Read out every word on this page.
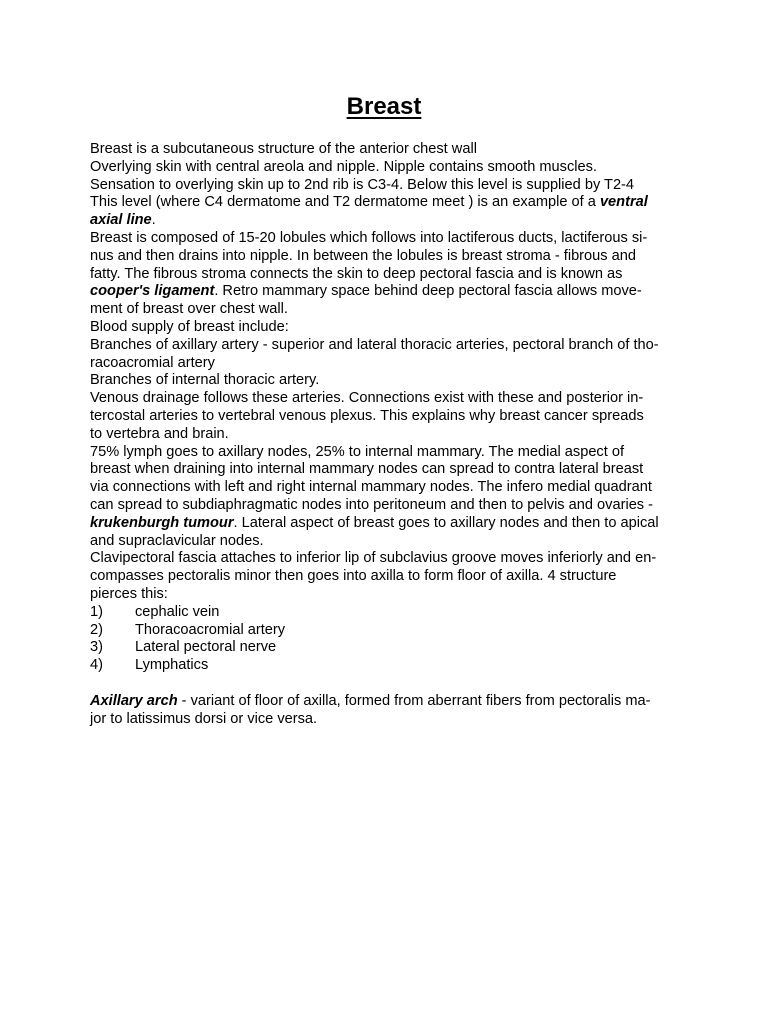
Breast
Breast is a subcutaneous structure of the anterior chest wall
Overlying skin with central areola and nipple. Nipple contains smooth muscles.
Sensation to overlying skin up to 2nd rib is C3-4. Below this level is supplied by T2-4
This level (where C4 dermatome and T2 dermatome meet ) is an example of a ventral
axial line.
Breast is composed of 15-20 lobules which follows into lactiferous ducts, lactiferous si-
nus and then drains into nipple. In between the lobules is breast stroma - fibrous and
fatty. The fibrous stroma connects the skin to deep pectoral fascia and is known as
cooper's ligament. Retro mammary space behind deep pectoral fascia allows move-
ment of breast over chest wall.
Blood supply of breast include:
Branches of axillary artery - superior and lateral thoracic arteries, pectoral branch of tho-
racoacromial artery
Branches of internal thoracic artery.
Venous drainage follows these arteries. Connections exist with these and posterior in-
tercostal arteries to vertebral venous plexus. This explains why breast cancer spreads
to vertebra and brain.
75% lymph goes to axillary nodes, 25% to internal mammary. The medial aspect of
breast when draining into internal mammary nodes can spread to contra lateral breast
via connections with left and right internal mammary nodes. The infero medial quadrant
can spread to subdiaphragmatic nodes into peritoneum and then to pelvis and ovaries -
krukenburgh tumour. Lateral aspect of breast goes to axillary nodes and then to apical
and supraclavicular nodes.
Clavipectoral fascia attaches to inferior lip of subclavius groove moves inferiorly and en-
compasses pectoralis minor then goes into axilla to form floor of axilla. 4 structure
pierces this:
1) cephalic vein
2) Thoracoacromial artery
3) Lateral pectoral nerve
4) Lymphatics
Axillary arch - variant of floor of axilla, formed from aberrant fibers from pectoralis ma-
jor to latissimus dorsi or vice versa.
